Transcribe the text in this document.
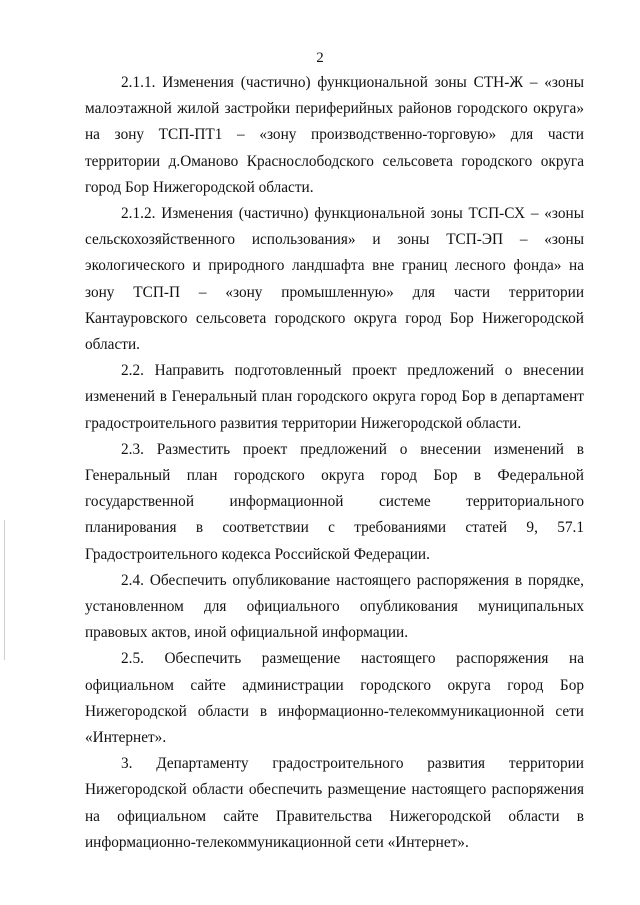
2

2.1.1. Изменения (частично) функциональной зоны СТН-Ж – «зоны малоэтажной жилой застройки периферийных районов городского округа» на зону ТСП-ПТ1 – «зону производственно-торговую» для части территории д.Оманово Краснослободского сельсовета городского округа город Бор Нижегородской области.

2.1.2. Изменения (частично) функциональной зоны ТСП-СХ – «зоны сельскохозяйственного использования» и зоны ТСП-ЭП – «зоны экологического и природного ландшафта вне границ лесного фонда» на зону ТСП-П – «зону промышленную» для части территории Кантауровского сельсовета городского округа город Бор Нижегородской области.

2.2. Направить подготовленный проект предложений о внесении изменений в Генеральный план городского округа город Бор в департамент градостроительного развития территории Нижегородской области.

2.3. Разместить проект предложений о внесении изменений в Генеральный план городского округа город Бор в Федеральной государственной информационной системе территориального планирования в соответствии с требованиями статей 9, 57.1 Градостроительного кодекса Российской Федерации.

2.4. Обеспечить опубликование настоящего распоряжения в порядке, установленном для официального опубликования муниципальных правовых актов, иной официальной информации.

2.5. Обеспечить размещение настоящего распоряжения на официальном сайте администрации городского округа город Бор Нижегородской области в информационно-телекоммуникационной сети «Интернет».

3. Департаменту градостроительного развития территории Нижегородской области обеспечить размещение настоящего распоряжения на официальном сайте Правительства Нижегородской области в информационно-телекоммуникационной сети «Интернет».
